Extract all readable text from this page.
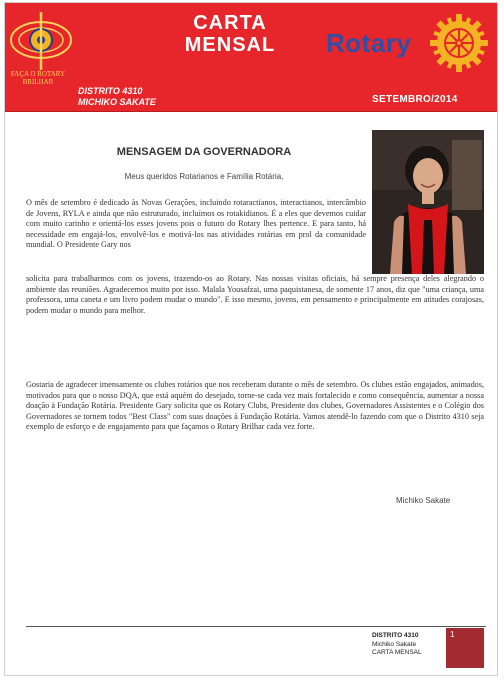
FAÇA O ROTARY BRILHAR
CARTA
MENSAL
DISTRITO 4310
MICHIKO SAKATE
Rotary
SETEMBRO/2014
MENSAGEM DA GOVERNADORA
Meus queridos Rotarianos e Família Rotária,
O mês de setembro é dedicado às Novas Gerações, incluindo rotaractianos, interactianos, intercâmbio de Jovens, RYLA e ainda que não estruturado, incluímos os rotakidianos. É a eles que devemos cuidar com muito carinho e orientá-los esses jovens pois o futuro do Rotary lhes pertence. E para tanto, há necessidade em engajá-los, envolvê-los e motivá-los nas atividades rotárias em prol da comunidade mundial. O Presidente Gary nos
solicita para trabalharmos com os jovens, trazendo-os ao Rotary. Nas nossas visitas oficiais, há sempre presença deles alegrando o ambiente das reuniões. Agradecemos muito por isso. Malala Yousafzai, uma paquistanesa, de somente 17 anos, diz que "uma criança, uma professora, uma caneta e um livro podem mudar o mundo". E isso mesmo, jovens, em pensamento e principalmente em atitudes corajosas, podem mudar o mundo para melhor.
Gostaria de agradecer imensamente os clubes rotários que nos receberam durante o mês de setembro. Os clubes estão engajados, animados, motivados para que o nosso DQA, que está aquém do desejado, torne-se cada vez mais fortalecido e como consequência, aumentar a nossa doação à Fundação Rotária. Presidente Gary solicita que os Rotary Clubs, Presidente dos clubes, Governadores Assistentes e o Colégio dos Governadores se tornem todos "Best Class" com suas doações à Fundação Rotária. Vamos atendê-lo fazendo com que o Distrito 4310 seja exemplo de esforço e de engajamento para que façamos o Rotary Brilhar cada vez forte.
Michiko Sakate
DISTRITO 4310
Michiko Sakate
CARTA MENSAL
1
